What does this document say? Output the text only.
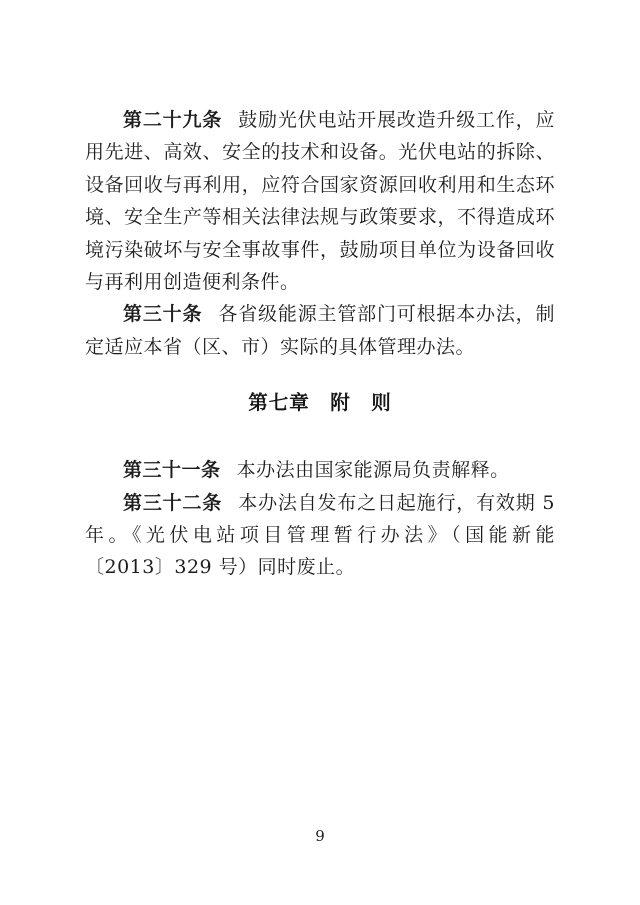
第二十九条 鼓励光伏电站开展改造升级工作，应用先进、高效、安全的技术和设备。光伏电站的拆除、设备回收与再利用，应符合国家资源回收利用和生态环境、安全生产等相关法律法规与政策要求，不得造成环境污染破坏与安全事故事件，鼓励项目单位为设备回收与再利用创造便利条件。

第三十条 各省级能源主管部门可根据本办法，制定适应本省（区、市）实际的具体管理办法。

第七章　附　则

第三十一条 本办法由国家能源局负责解释。

第三十二条 本办法自发布之日起施行，有效期 5 年。《光伏电站项目管理暂行办法》（国能新能〔2013〕329 号）同时废止。

9
